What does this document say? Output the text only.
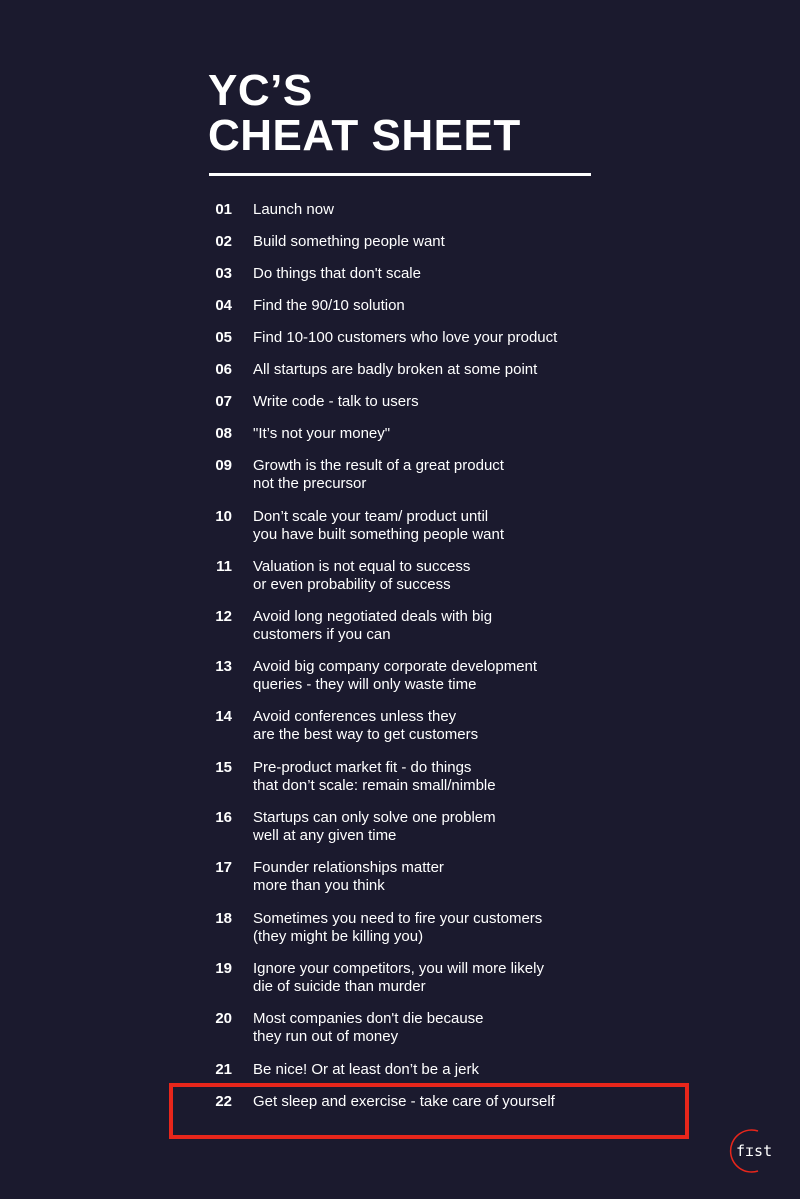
YC’S
CHEAT SHEET
01 Launch now
02 Build something people want
03 Do things that don't scale
04 Find the 90/10 solution
05 Find 10-100 customers who love your product
06 All startups are badly broken at some point
07 Write code - talk to users
08 "It’s not your money"
09 Growth is the result of a great product
not the precursor
10 Don’t scale your team/ product until
you have built something people want
11 Valuation is not equal to success
or even probability of success
12 Avoid long negotiated deals with big
customers if you can
13 Avoid big company corporate development
queries - they will only waste time
14 Avoid conferences unless they
are the best way to get customers
15 Pre-product market fit - do things
that don’t scale: remain small/nimble
16 Startups can only solve one problem
well at any given time
17 Founder relationships matter
more than you think
18 Sometimes you need to fire your customers
(they might be killing you)
19 Ignore your competitors, you will more likely
die of suicide than murder
20 Most companies don't die because
they run out of money
21 Be nice! Or at least don’t be a jerk
22 Get sleep and exercise - take care of yourself
fɪst
